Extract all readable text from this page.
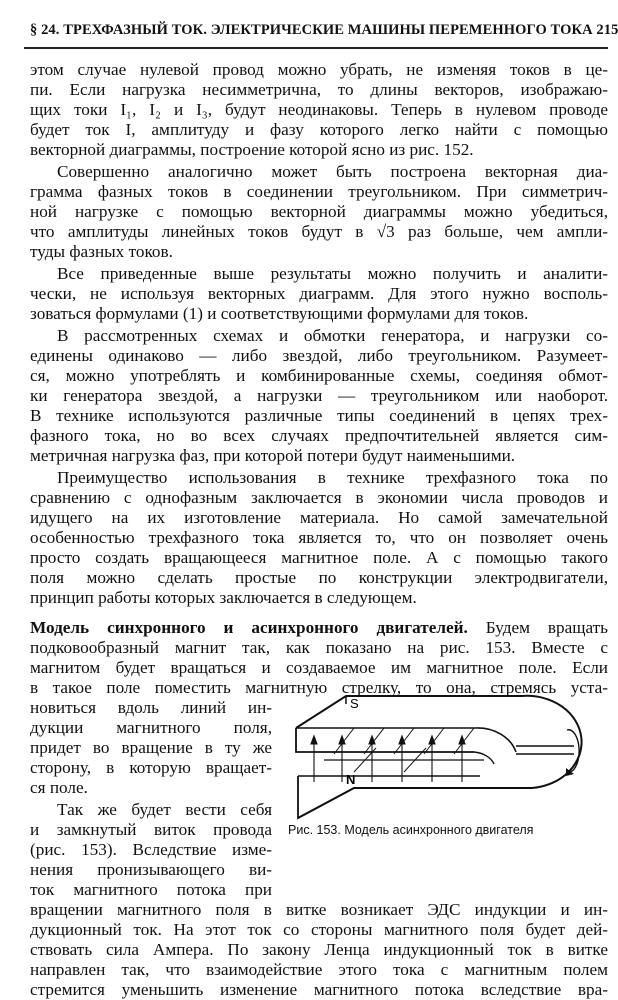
§ 24. ТРЕХФАЗНЫЙ ТОК. ЭЛЕКТРИЧЕСКИЕ МАШИНЫ ПЕРЕМЕННОГО ТОКА 215
этом случае нулевой провод можно убрать, не изменяя токов в це-
пи. Если нагрузка несимметрична, то длины векторов, изображаю-
щих токи I₁, I₂ и I₃, будут неодинаковы. Теперь в нулевом проводе
будет ток I, амплитуду и фазу которого легко найти с помощью
векторной диаграммы, построение которой ясно из рис. 152.
Совершенно аналогично может быть построена векторная диа-
грамма фазных токов в соединении треугольником. При симметрич-
ной нагрузке с помощью векторной диаграммы можно убедиться,
что амплитуды линейных токов будут в √3 раз больше, чем ампли-
туды фазных токов.
Все приведенные выше результаты можно получить и аналити-
чески, не используя векторных диаграмм. Для этого нужно восполь-
зоваться формулами (1) и соответствующими формулами для токов.
В рассмотренных схемах и обмотки генератора, и нагрузки со-
единены одинаково — либо звездой, либо треугольником. Разумеет-
ся, можно употреблять и комбинированные схемы, соединяя обмот-
ки генератора звездой, а нагрузки — треугольником или наоборот.
В технике используются различные типы соединений в цепях трех-
фазного тока, но во всех случаях предпочтительней является сим-
метричная нагрузка фаз, при которой потери будут наименьшими.
Преимущество использования в технике трехфазного тока по
сравнению с однофазным заключается в экономии числа проводов и
идущего на их изготовление материала. Но самой замечательной
особенностью трехфазного тока является то, что он позволяет очень
просто создать вращающееся магнитное поле. А с помощью такого
поля можно сделать простые по конструкции электродвигатели,
принцип работы которых заключается в следующем.
Модель синхронного и асинхронного двигателей. Будем вращать
подковообразный магнит так, как показано на рис. 153. Вместе с
магнитом будет вращаться и создаваемое им магнитное поле. Если
в такое поле поместить магнитную стрелку, то она, стремясь уста-
новиться вдоль линий ин-
дукции магнитного поля,
придет во вращение в ту же
сторону, в которую вращает-
ся поле.
Так же будет вести себя
и замкнутый виток провода
(рис. 153). Вследствие изме-
нения пронизывающего ви-
ток магнитного потока при
вращении магнитного поля в витке возникает ЭДС индукции и ин-
дукционный ток. На этот ток со стороны магнитного поля будет дей-
ствовать сила Ампера. По закону Ленца индукционный ток в витке
направлен так, что взаимодействие этого тока с магнитным полем
стремится уменьшить изменение магнитного потока вследствие вра-
S
N
Рис. 153. Модель асинхронного двигателя
